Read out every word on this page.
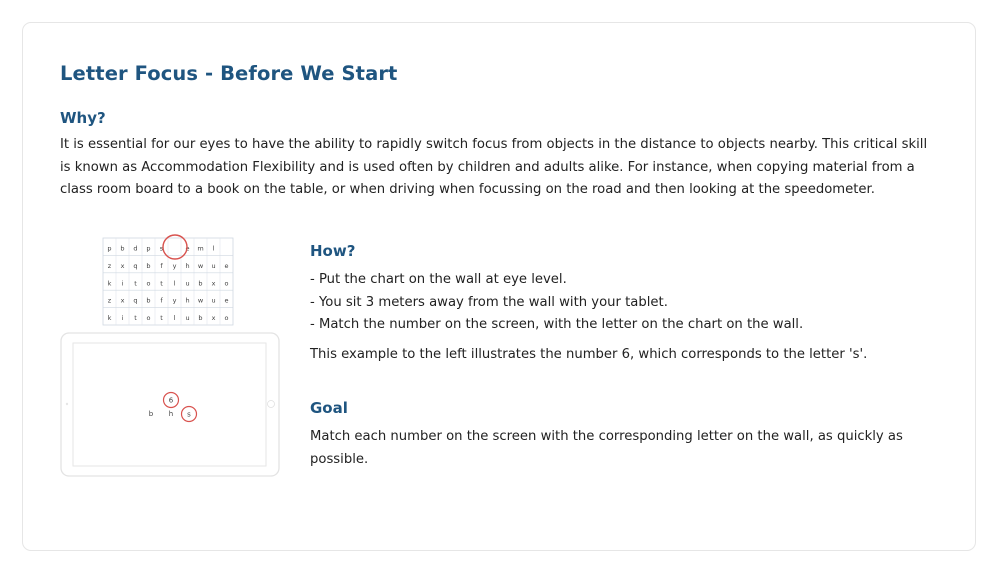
Letter Focus - Before We Start
Why?

It is essential for our eyes to have the ability to rapidly switch focus from objects in the distance to objects nearby. This critical skill is known as Accommodation Flexibility and is used often by children and adults alike. For instance, when copying material from a class room board to a book on the table, or when driving when focussing on the road and then looking at the speedometer.

p b d p s	e m l
z x q b f y h w u e
k i t o t l u b x o
z x q b f y h w u e
k i t o t l u b x o
6
b h s
How?
- Put the chart on the wall at eye level.
- You sit 3 meters away from the wall with your tablet.
- Match the number on the screen, with the letter on the chart on the wall.

This example to the left illustrates the number 6, which corresponds to the letter 's'.

Goal

Match each number on the screen with the corresponding letter on the wall, as quickly as possible.
